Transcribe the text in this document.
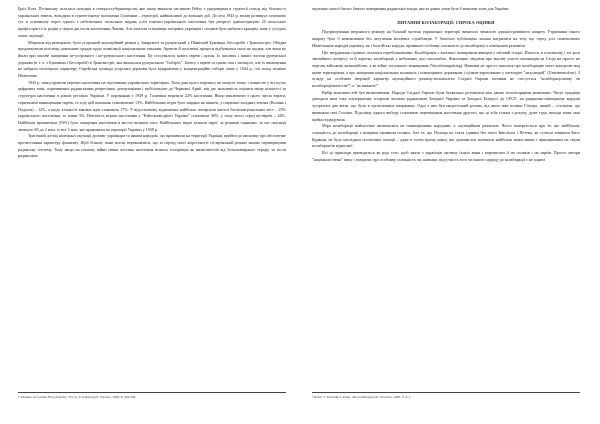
Брісі Коза. По-іншому склалася ситуація в генерал-губернаторстві, яке німці вважали частиною Рейху з урядовцями в стратегії поході від більшості українських земель, виходячи в стратегічному положенні Галичини – території, найважливої до воєнних дій. До літа 1943 р. вплив розвинул початково тут в основному через одного з небезпечних польських видань усієї етнічно-українського населення був репресії адміністрацією 25 польських професорів та їх родин у перші дні після захоплення Львова. Але загалом становище місцевих українців і поляків було набагато кращим, аніж у сусідніх зонах окупації.

М'якшим від німецького були угорський окупаційний режим у Закарпатті та румунський у Північній Буковині, Бессарабії і Трансністрії. Обидва продовжували політику довоєнних урядів щодо асиміляції національних меншин. Арешти й політичні процеси відбувалися мало не щодня, але вони не йшли при масове знищення не-угорського і не-румунського населення. Це стосувалося навіть євреїв і циган. Їх масових і інших частин румунської держави (в т. ч. з Буковини і Бессарабії) в Трансністрії, яка вважалася румунською "Сибір'ю". Багато з євреїв та циган там і загинуло, але їх винищення не набрало тотального характеру. Єврейська громада угорської держави була відправлена у концентраційні табори лише у 1944 р., тої голод пізніше Німеччина.

1943 р. німці провели перепис населення на окупованих українських територіях. Хоча дані цього перепису не можуть точно і повністю у всі кутах цифрових змін, спричинених радянськими репресіями, депортаціями і мобілізацією до Червоної Армії, він дає можливість оцінити зміну кількості та структури населення в різних регіонах України. У порівнянні з 1939 р. Галичина втратила 22% населення. Якщо виключити з цього числа втрати, спричинені винищенням євреїв, то тоді цей показник становитиме 13%. Найбільших втрат було завдано на півночі, у південно-західних землях (Волинь і Поділля) – 12%, а щодо кількості вікових вдів становить 17%. У відсотковому відношенні найбільш потерпали жителі багатонаціональних міст – 25% українського населення, то зміни 3%. Натомість втрати населення у "Райхскомісаріаті Україна" становили 30%, у тому числі серед не-євреїв – 24%. Найбільш вражаючим (53%) було знищення населення в містах великих міст. Найбільших втрат зазнали євреї: за різними оцінками, за час окупації загинуло 69 до 2 млн. із тих 3 млн. які проживали на території України у 1939 р.

Трагічний досвід німецької окупації допоміг українцям та іншим народам, що проживали на території України, прийти до висновку про абсолютне протистояння характеру фашизму. Щоб більше, вони могли переконатися, що за період своєї жорстокості гітлерівський режим значно перевершував радянську систему. Тому якщо на початку війни певна частина населення візнала гітлерівців як визволителів від більшовицького терору, то після радянських

окупацію ніхтої багато бачило повернення радянської влади, яка за даних умов була б меншим злом для України.

ПИТАННЯ КОЛАБОРАЦІЇ: СПРОБА ОЦІНКИ

Підтримування зверхнього режиму на більшій частині української території вимагало чималого адміністративного апарату. Утримання такого апарату було б неможливим без залучення місцевих службовців. У багатьох публікаціях можна натрапити на тезу, що серед усіх поневолених Німеччиною народів українці, як і балтійські народи, проявили особливу схильність до колаборації з німецьким режимом.

Цю твердження стрімкої склалися перебільшеними. Колаборація є загально поширеним явищем у світовій історії. Йшлося, в основному і тої ролі звичайного інтересу та й коротко, колаборації у небачених досі масштабах. Фактичних свідчень про масову участь мешканців на Сході на просто не чертову військову казначейство, а як війну тотального винищення (Vernichtungskrieg). Навпаки не просто шкалася про колаборацію свого контролю над цими територіями, а про знищення національних колишніх і повноцінних державних і цілком-зарахованих у категорію "недолюдей" (Untermenschen). З огляду на особливо зверхній характер окупаційного режиму-колоніалізм Східної Європи питання не стосується "колабораціонізму чи колабораціоналістів?", а "як вижити?"

Вибір можливостей був визначаючим. Народи Східної Європи були буквально розчавлені між двома тоталітарними режимами. Часто традиція доводила ним таку альтернативу історичн часткам радянським Західної України та Західної Білорусі до СРСР: на радянсько-німецькому кордоні зустрілися два вогні, що були в протилежних напрямках. Одні з них був нацистський режим, від якого вже поляки Гітлера, інший – сталінізм, що вичиняли свої Сталіна. Подолану одного вибору становили переміщення населення другого, що ці хіба тільки з розуму, дуже туди, виходи вони самі щойно відвідувала.

Міра колаборації найчастіше визначалася не повноцінними народами, а окупаційним режимом. Часто повертається про те, що найбільшу схильність до колаборації з німцями проявили поляки. Але те, що Польща не стала єдиним без свого Квіслінга і Петена, як сучасні зовнішні Кисе Курянін, не було наслідком політичної позиції – адже в тогом цьому німці, які допомагали належати найбільш вимогливим і принциповим на терпи колаборантів відносин¹.

Всі ці приклади приводяться як раді того, щоб зняти з українців частину їхньої вини і переписати її на поляків і на євреїв. Просто автори "націоналістичні" вину і говорити про особливу схильність чи, навпаки, відсутність того чи іншого народу до колаборації є не одним

* Ukraine. A Concise Encyclopedia / Ed. by V. Kubijovych. Toronto, 1963. P. 203-204.	¹ Kostiv I. Zalawski J. Poles, dla pozdrazajacych. Wroclaw, 1993. S. 2-1.
